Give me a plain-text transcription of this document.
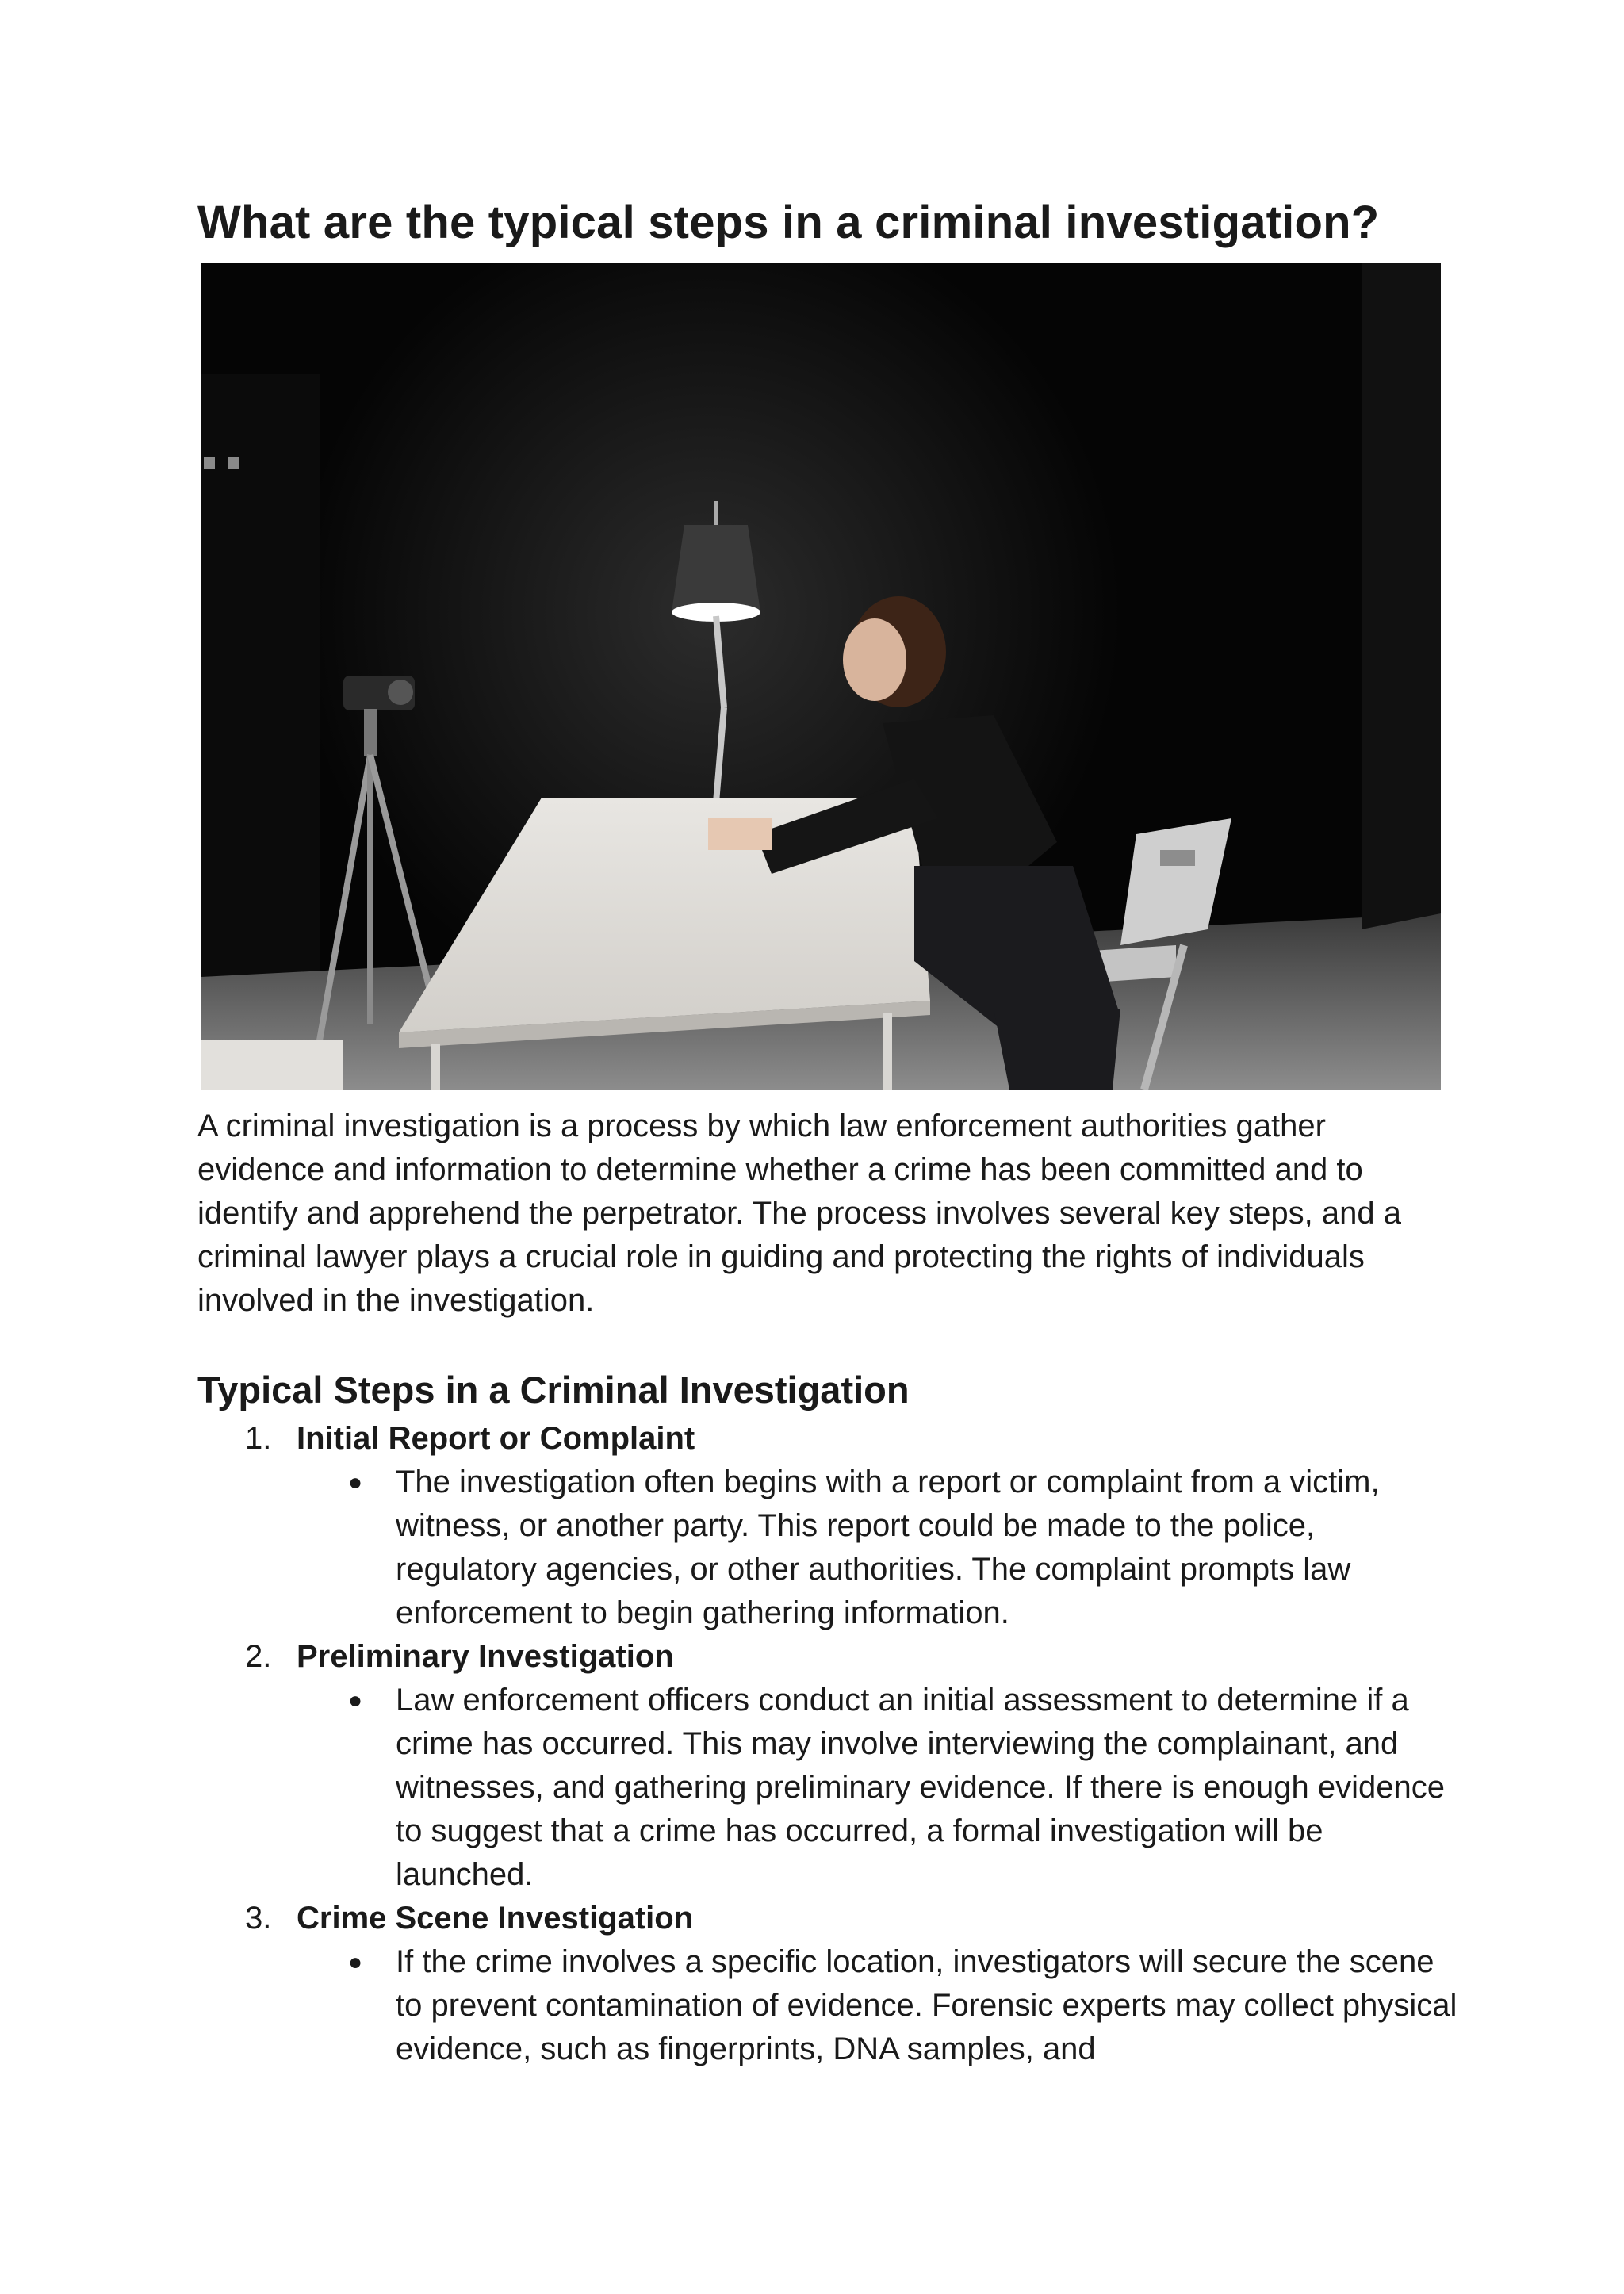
What are the typical steps in a criminal investigation?

A criminal investigation is a process by which law enforcement authorities gather evidence and information to determine whether a crime has been committed and to identify and apprehend the perpetrator. The process involves several key steps, and a criminal lawyer plays a crucial role in guiding and protecting the rights of individuals involved in the investigation.

Typical Steps in a Criminal Investigation
1. Initial Report or Complaint
● The investigation often begins with a report or complaint from a victim, witness, or another party. This report could be made to the police, regulatory agencies, or other authorities. The complaint prompts law enforcement to begin gathering information.
2. Preliminary Investigation
● Law enforcement officers conduct an initial assessment to determine if a crime has occurred. This may involve interviewing the complainant, and witnesses, and gathering preliminary evidence. If there is enough evidence to suggest that a crime has occurred, a formal investigation will be launched.
3. Crime Scene Investigation
● If the crime involves a specific location, investigators will secure the scene to prevent contamination of evidence. Forensic experts may collect physical evidence, such as fingerprints, DNA samples, and
